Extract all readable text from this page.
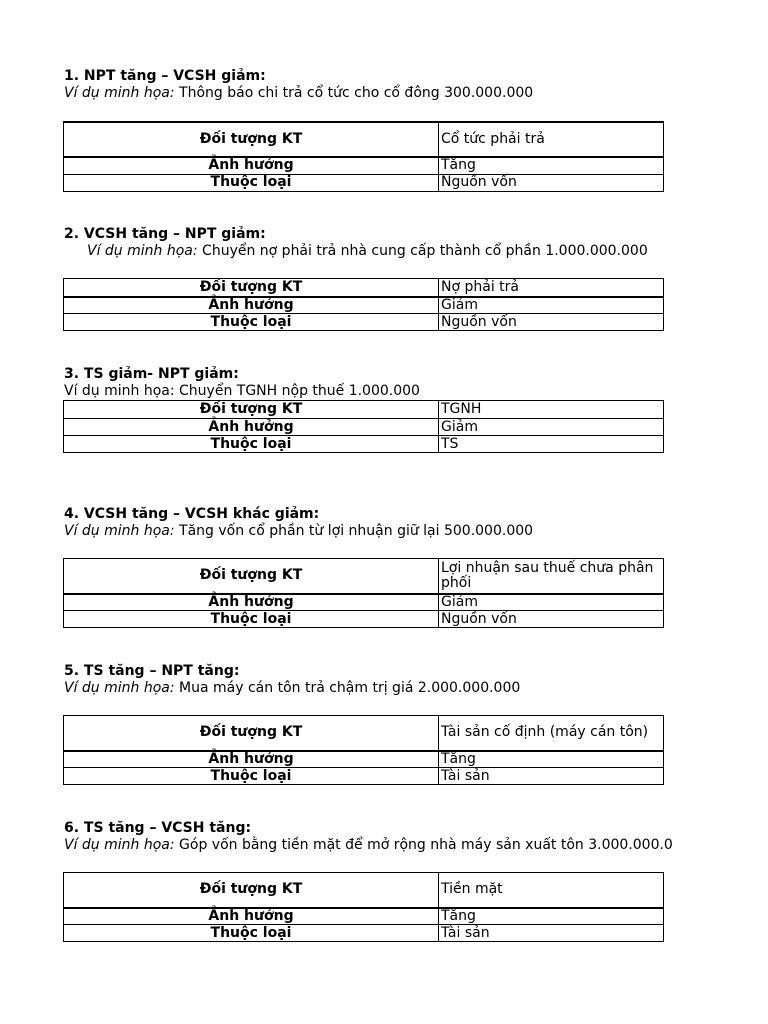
1. NPT tăng – VCSH giảm:

Ví dụ minh họa: Thông báo chi trả cổ tức cho cổ đông 300.000.000

Đối tượng KT	Cổ tức phải trả
Ảnh hưởng	Tăng
Thuộc loại	Nguồn vốn

2. VCSH tăng – NPT giảm:

Ví dụ minh họa: Chuyển nợ phải trả nhà cung cấp thành cổ phần 1.000.000.000

Đối tượng KT	Nợ phải trả
Ảnh hưởng	Giảm
Thuộc loại	Nguồn vốn

3. TS giảm- NPT giảm:

Ví dụ minh họa: Chuyển TGNH nộp thuế 1.000.000

Đối tượng KT	TGNH
Ảnh hưởng	Giảm
Thuộc loại	TS

4. VCSH tăng – VCSH khác giảm:

Ví dụ minh họa: Tăng vốn cổ phần từ lợi nhuận giữ lại 500.000.000

Đối tượng KT	Lợi nhuận sau thuế chưa phân phối
Ảnh hưởng	Giảm
Thuộc loại	Nguồn vốn

5. TS tăng – NPT tăng:

Ví dụ minh họa: Mua máy cán tôn trả chậm trị giá 2.000.000.000

Đối tượng KT	Tài sản cố định (máy cán tôn)
Ảnh hưởng	Tăng
Thuộc loại	Tài sản

6. TS tăng – VCSH tăng:

Ví dụ minh họa: Góp vốn bằng tiền mặt để mở rộng nhà máy sản xuất tôn 3.000.000.0

Đối tượng KT	Tiền mặt
Ảnh hưởng	Tăng
Thuộc loại	Tài sản
